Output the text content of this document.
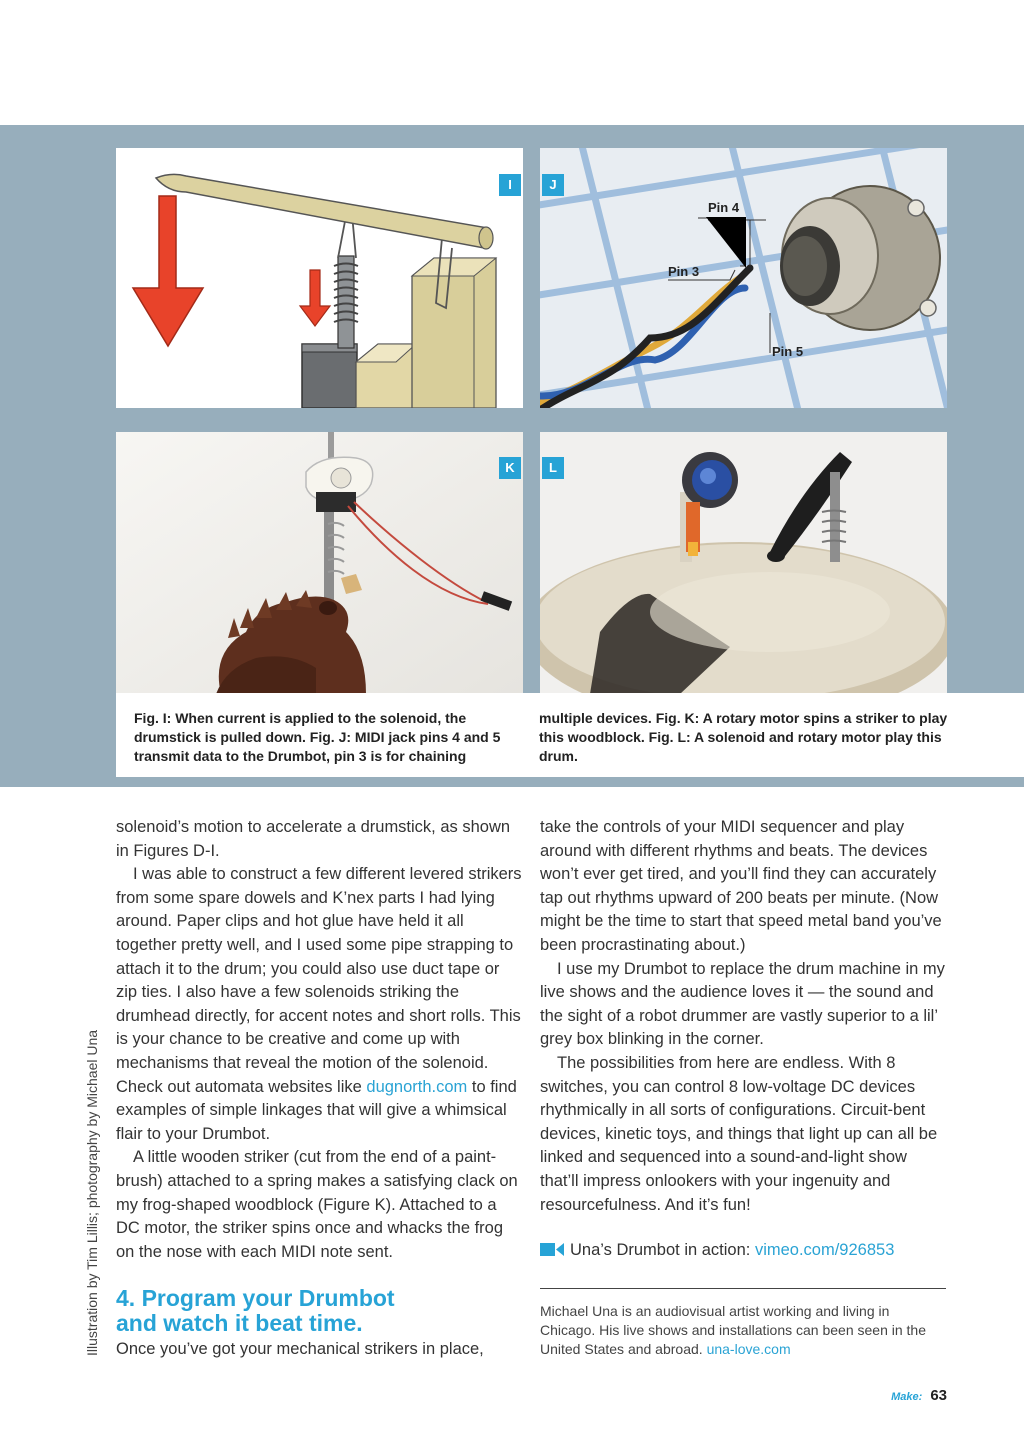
I
Pin 4
Pin 3
Pin 5
J
K	L

Fig. I: When current is applied to the solenoid, the drumstick is pulled down. Fig. J: MIDI jack pins 4 and 5 transmit data to the Drumbot, pin 3 is for chaining

multiple devices. Fig. K: A rotary motor spins a striker to play this woodblock. Fig. L: A solenoid and rotary motor play this drum.

solenoid’s motion to accelerate a drumstick, as shown in Figures D-I.

I was able to construct a few different levered strikers from some spare dowels and K’nex parts I had lying around. Paper clips and hot glue have held it all together pretty well, and I used some pipe strapping to attach it to the drum; you could also use duct tape or zip ties. I also have a few solenoids striking the drumhead directly, for accent notes and short rolls. This is your chance to be creative and come up with mechanisms that reveal the motion of the solenoid. Check out automata websites like dugnorth.com to find examples of simple linkages that will give a whimsical flair to your Drumbot.

A little wooden striker (cut from the end of a paint-brush) attached to a spring makes a satisfying clack on my frog-shaped woodblock (Figure K). Attached to a DC motor, the striker spins once and whacks the frog on the nose with each MIDI note sent.

4. Program your Drumbot
and watch it beat time.

Once you’ve got your mechanical strikers in place,

take the controls of your MIDI sequencer and play around with different rhythms and beats. The devices won’t ever get tired, and you’ll find they can accurately tap out rhythms upward of 200 beats per minute. (Now might be the time to start that speed metal band you’ve been procrastinating about.)

I use my Drumbot to replace the drum machine in my live shows and the audience loves it — the sound and the sight of a robot drummer are vastly superior to a lil’ grey box blinking in the corner.

The possibilities from here are endless. With 8 switches, you can control 8 low-voltage DC devices rhythmically in all sorts of configurations. Circuit-bent devices, kinetic toys, and things that light up can all be linked and sequenced into a sound-and-light show that’ll impress onlookers with your ingenuity and resourcefulness. And it’s fun!

Una’s Drumbot in action: vimeo.com/926853

Michael Una is an audiovisual artist working and living in Chicago. His live shows and installations can been seen in the United States and abroad. una-love.com

Illustration by Tim Lillis; photography by Michael Una
Make: 63
